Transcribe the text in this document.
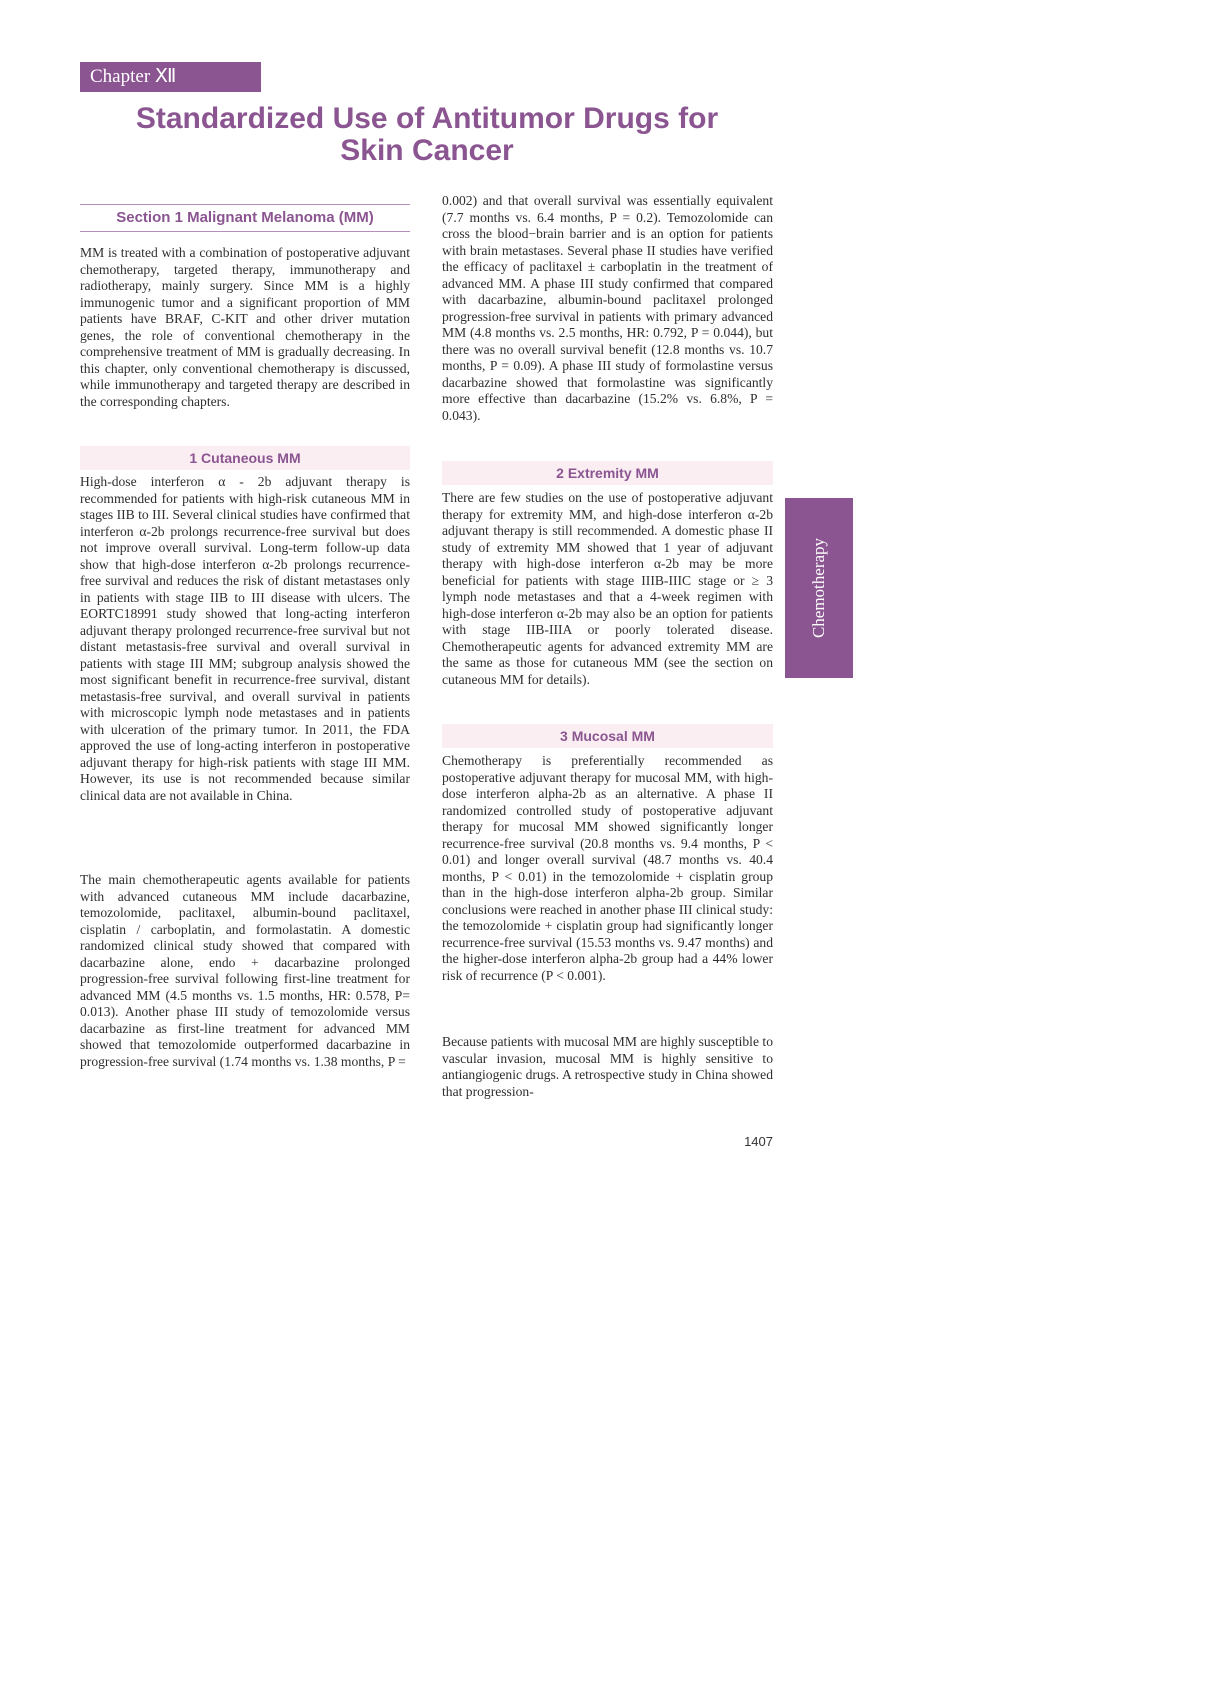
Chapter Ⅻ
Standardized Use of Antitumor Drugs for
Skin Cancer
Section 1 Malignant Melanoma (MM)

MM is treated with a combination of postoperative adjuvant chemotherapy, targeted therapy, immunotherapy and radiotherapy, mainly surgery. Since MM is a highly immunogenic tumor and a significant proportion of MM patients have BRAF, C-KIT and other driver mutation genes, the role of conventional chemotherapy in the comprehensive treatment of MM is gradually decreasing. In this chapter, only conventional chemotherapy is discussed, while immunotherapy and targeted therapy are described in the corresponding chapters.

1 Cutaneous MM

High-dose interferon α - 2b adjuvant therapy is recommended for patients with high-risk cutaneous MM in stages IIB to III. Several clinical studies have confirmed that interferon α-2b prolongs recurrence-free survival but does not improve overall survival. Long-term follow-up data show that high-dose interferon α-2b prolongs recurrence-free survival and reduces the risk of distant metastases only in patients with stage IIB to III disease with ulcers. The EORTC18991 study showed that long-acting interferon adjuvant therapy prolonged recurrence-free survival but not distant metastasis-free survival and overall survival in patients with stage III MM; subgroup analysis showed the most significant benefit in recurrence-free survival, distant metastasis-free survival, and overall survival in patients with microscopic lymph node metastases and in patients with ulceration of the primary tumor. In 2011, the FDA approved the use of long-acting interferon in postoperative adjuvant therapy for high-risk patients with stage III MM. However, its use is not recommended because similar clinical data are not available in China.

The main chemotherapeutic agents available for patients with advanced cutaneous MM include dacarbazine, temozolomide, paclitaxel, albumin-bound paclitaxel, cisplatin / carboplatin, and formolastatin. A domestic randomized clinical study showed that compared with dacarbazine alone, endo + dacarbazine prolonged progression-free survival following first-line treatment for advanced MM (4.5 months vs. 1.5 months, HR: 0.578, P= 0.013). Another phase III study of temozolomide versus dacarbazine as first-line treatment for advanced MM showed that temozolomide outperformed dacarbazine in progression-free survival (1.74 months vs. 1.38 months, P =

0.002) and that overall survival was essentially equivalent (7.7 months vs. 6.4 months, P = 0.2). Temozolomide can cross the blood−brain barrier and is an option for patients with brain metastases. Several phase II studies have verified the efficacy of paclitaxel ± carboplatin in the treatment of advanced MM. A phase III study confirmed that compared with dacarbazine, albumin-bound paclitaxel prolonged progression-free survival in patients with primary advanced MM (4.8 months vs. 2.5 months, HR: 0.792, P = 0.044), but there was no overall survival benefit (12.8 months vs. 10.7 months, P = 0.09). A phase III study of formolastine versus dacarbazine showed that formolastine was significantly more effective than dacarbazine (15.2% vs. 6.8%, P = 0.043).

2 Extremity MM

There are few studies on the use of postoperative adjuvant therapy for extremity MM, and high-dose interferon α-2b adjuvant therapy is still recommended. A domestic phase II study of extremity MM showed that 1 year of adjuvant therapy with high-dose interferon α-2b may be more beneficial for patients with stage IIIB-IIIC stage or ≥ 3 lymph node metastases and that a 4-week regimen with high-dose interferon α-2b may also be an option for patients with stage IIB-IIIA or poorly tolerated disease. Chemotherapeutic agents for advanced extremity MM are the same as those for cutaneous MM (see the section on cutaneous MM for details).

3 Mucosal MM

Chemotherapy is preferentially recommended as postoperative adjuvant therapy for mucosal MM, with high-dose interferon alpha-2b as an alternative. A phase II randomized controlled study of postoperative adjuvant therapy for mucosal MM showed significantly longer recurrence-free survival (20.8 months vs. 9.4 months, P < 0.01) and longer overall survival (48.7 months vs. 40.4 months, P < 0.01) in the temozolomide + cisplatin group than in the high-dose interferon alpha-2b group. Similar conclusions were reached in another phase III clinical study: the temozolomide + cisplatin group had significantly longer recurrence-free survival (15.53 months vs. 9.47 months) and the higher-dose interferon alpha-2b group had a 44% lower risk of recurrence (P < 0.001).

Because patients with mucosal MM are highly susceptible to vascular invasion, mucosal MM is highly sensitive to antiangiogenic drugs. A retrospective study in China showed that progression-

Chemotherapy
1407
